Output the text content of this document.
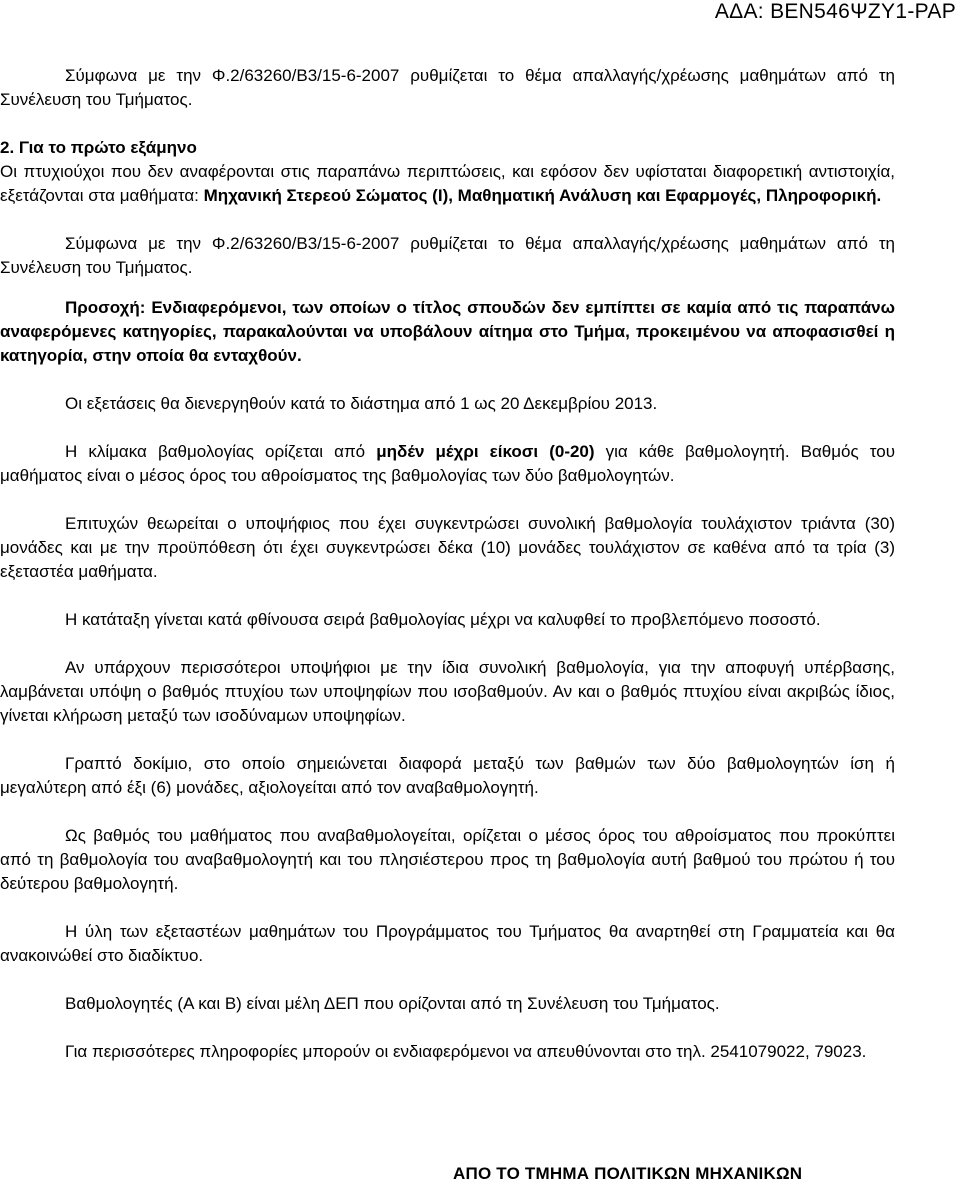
ΑΔΑ: ΒΕΝ546ΨΖΥ1-ΡΑΡ

Σύμφωνα με την Φ.2/63260/Β3/15-6-2007 ρυθμίζεται το θέμα απαλλαγής/χρέωσης μαθημάτων από τη Συνέλευση του Τμήματος.

2. Για το πρώτο εξάμηνο

Οι πτυχιούχοι που δεν αναφέρονται στις παραπάνω περιπτώσεις, και εφόσον δεν υφίσταται διαφορετική αντιστοιχία, εξετάζονται στα μαθήματα: Μηχανική Στερεού Σώματος (Ι), Μαθηματική Ανάλυση και Εφαρμογές, Πληροφορική.

Σύμφωνα με την Φ.2/63260/Β3/15-6-2007 ρυθμίζεται το θέμα απαλλαγής/χρέωσης μαθημάτων από τη Συνέλευση του Τμήματος.

Προσοχή: Ενδιαφερόμενοι, των οποίων ο τίτλος σπουδών δεν εμπίπτει σε καμία από τις παραπάνω αναφερόμενες κατηγορίες, παρακαλούνται να υποβάλουν αίτημα στο Τμήμα, προκειμένου να αποφασισθεί η κατηγορία, στην οποία θα ενταχθούν.

Οι εξετάσεις θα διενεργηθούν κατά το διάστημα από 1 ως 20 Δεκεμβρίου 2013.

Η κλίμακα βαθμολογίας ορίζεται από μηδέν μέχρι είκοσι (0-20) για κάθε βαθμολογητή. Βαθμός του μαθήματος είναι ο μέσος όρος του αθροίσματος της βαθμολογίας των δύο βαθμολογητών.

Επιτυχών θεωρείται ο υποψήφιος που έχει συγκεντρώσει συνολική βαθμολογία τουλάχιστον τριάντα (30) μονάδες και με την προϋπόθεση ότι έχει συγκεντρώσει δέκα (10) μονάδες τουλάχιστον σε καθένα από τα τρία (3) εξεταστέα μαθήματα.

Η κατάταξη γίνεται κατά φθίνουσα σειρά βαθμολογίας μέχρι να καλυφθεί το προβλεπόμενο ποσοστό.

Αν υπάρχουν περισσότεροι υποψήφιοι με την ίδια συνολική βαθμολογία, για την αποφυγή υπέρβασης, λαμβάνεται υπόψη ο βαθμός πτυχίου των υποψηφίων που ισοβαθμούν. Αν και ο βαθμός πτυχίου είναι ακριβώς ίδιος, γίνεται κλήρωση μεταξύ των ισοδύναμων υποψηφίων.

Γραπτό δοκίμιο, στο οποίο σημειώνεται διαφορά μεταξύ των βαθμών των δύο βαθμολογητών ίση ή μεγαλύτερη από έξι (6) μονάδες, αξιολογείται από τον αναβαθμολογητή.

Ως βαθμός του μαθήματος που αναβαθμολογείται, ορίζεται ο μέσος όρος του αθροίσματος που προκύπτει από τη βαθμολογία του αναβαθμολογητή και του πλησιέστερου προς τη βαθμολογία αυτή βαθμού του πρώτου ή του δεύτερου βαθμολογητή.

Η ύλη των εξεταστέων μαθημάτων του Προγράμματος του Τμήματος θα αναρτηθεί στη Γραμματεία και θα ανακοινώθεί στο διαδίκτυο.

Βαθμολογητές (Α και Β) είναι μέλη ΔΕΠ που ορίζονται από τη Συνέλευση του Τμήματος.

Για περισσότερες πληροφορίες μπορούν οι ενδιαφερόμενοι να απευθύνονται στο τηλ. 2541079022, 79023.

ΑΠΟ ΤΟ ΤΜΗΜΑ ΠΟΛΙΤΙΚΩΝ ΜΗΧΑΝΙΚΩΝ
